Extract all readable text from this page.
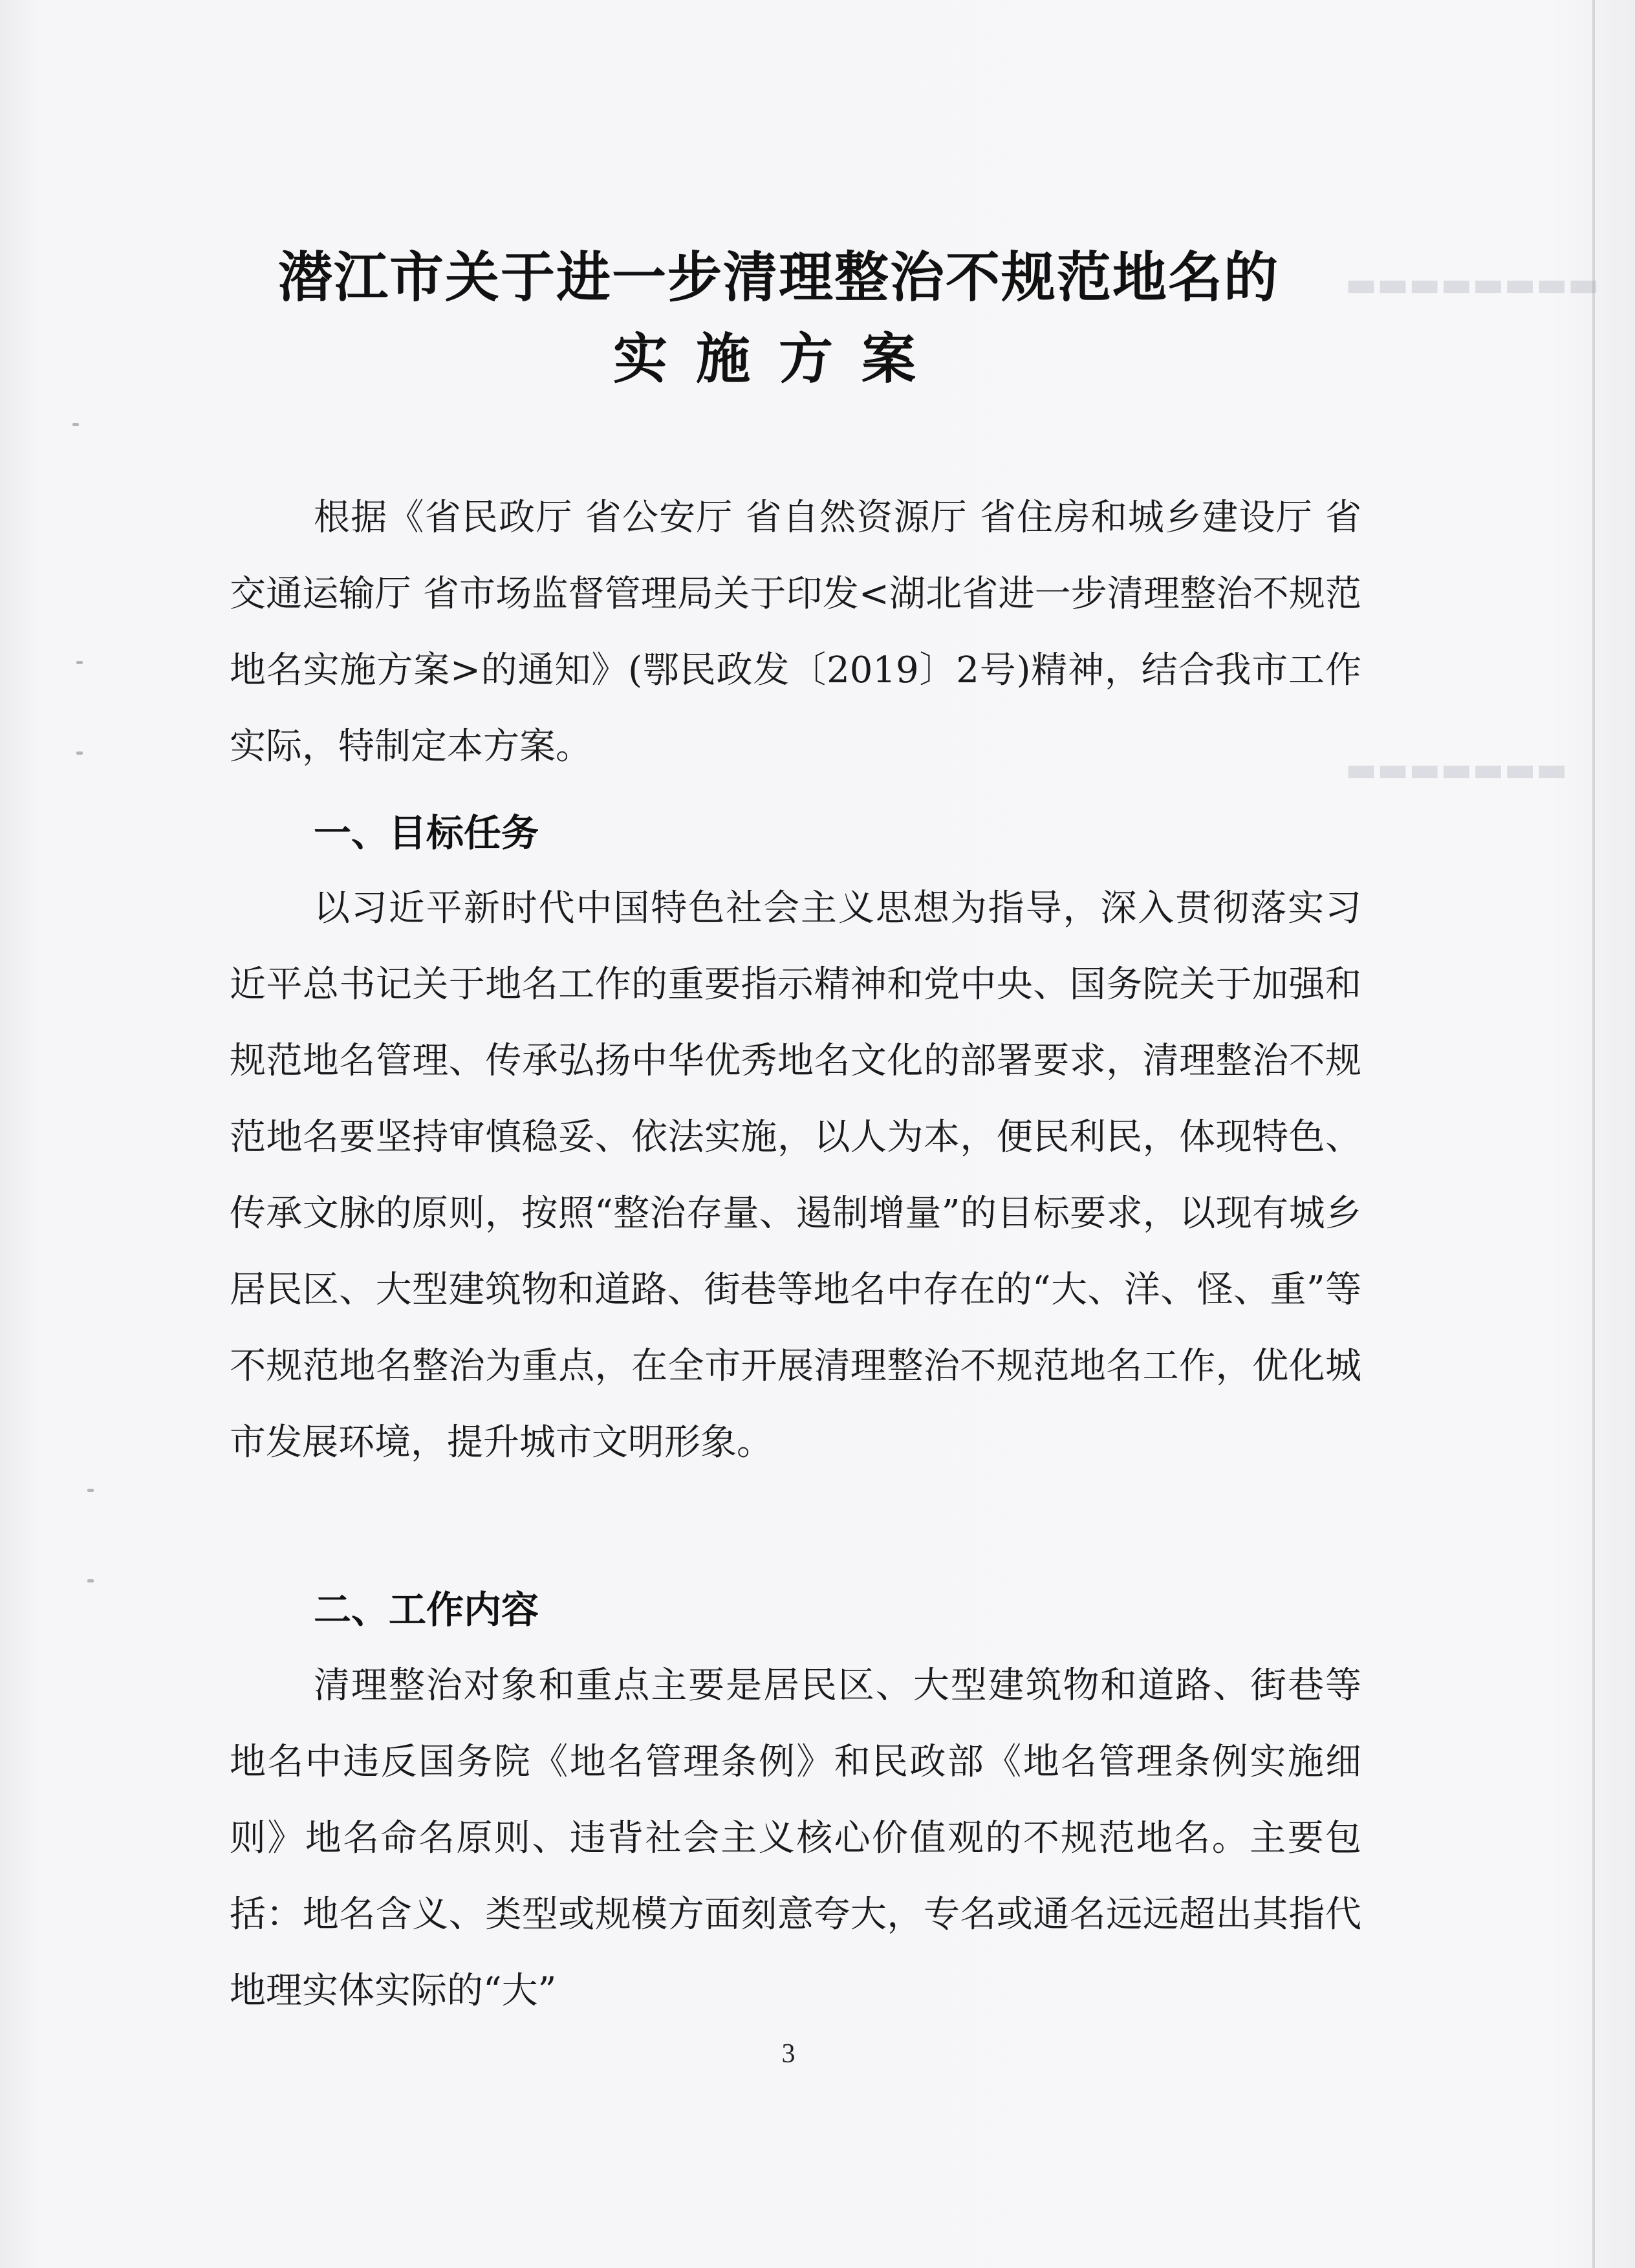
▬▬▬▬▬▬▬▬
▬▬▬▬▬▬▬
潜江市关于进一步清理整治不规范地名的
实施方案
根据《省民政厅 省公安厅 省自然资源厅 省住房和城乡建设厅 省交通运输厅 省市场监督管理局关于印发<湖北省进一步清理整治不规范地名实施方案>的通知》(鄂民政发〔2019〕2号)精神，结合我市工作实际，特制定本方案。
一、目标任务
以习近平新时代中国特色社会主义思想为指导，深入贯彻落实习近平总书记关于地名工作的重要指示精神和党中央、国务院关于加强和规范地名管理、传承弘扬中华优秀地名文化的部署要求，清理整治不规范地名要坚持审慎稳妥、依法实施，以人为本，便民利民，体现特色、传承文脉的原则，按照“整治存量、遏制增量”的目标要求，以现有城乡居民区、大型建筑物和道路、街巷等地名中存在的“大、洋、怪、重”等不规范地名整治为重点，在全市开展清理整治不规范地名工作，优化城市发展环境，提升城市文明形象。
二、工作内容
清理整治对象和重点主要是居民区、大型建筑物和道路、街巷等地名中违反国务院《地名管理条例》和民政部《地名管理条例实施细则》地名命名原则、违背社会主义核心价值观的不规范地名。主要包括：地名含义、类型或规模方面刻意夸大，专名或通名远远超出其指代地理实体实际的“大”
3
